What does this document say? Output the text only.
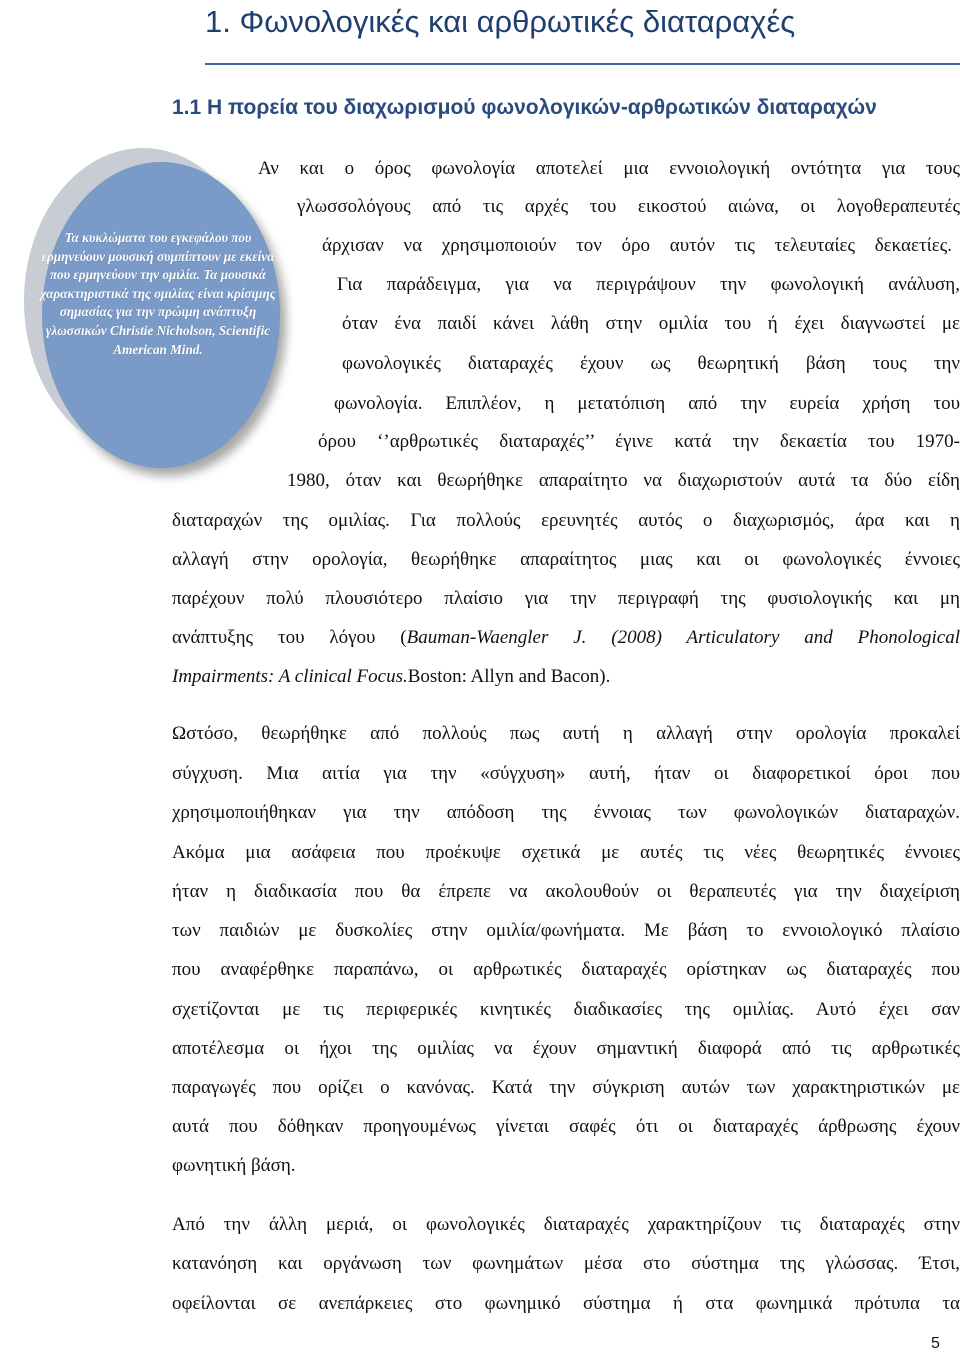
1. Φωνολογικές και αρθρωτικές διαταραχές
1.1 Η πορεία του διαχωρισμού φωνολογικών-αρθρωτικών διαταραχών

Τα κυκλώματα του εγκεφάλου που ερμηνεύουν μουσική συμπίπτουν με εκείνα που ερμηνεύουν την ομιλία. Τα μουσικά χαρακτηριστικά της ομιλίας είναι κρίσιμης σημασίας για την πρώιμη ανάπτυξη γλωσσικών Christie Nicholson, Scientific American Mind.

Αν και ο όρος φωνολογία αποτελεί μια εννοιολογική οντότητα για τους

γλωσσολόγους από τις αρχές του εικοστού αιώνα, οι λογοθεραπευτές

άρχισαν να χρησιμοποιούν τον όρο αυτόν τις τελευταίες δεκαετίες.

Για παράδειγμα, για να περιγράψουν την φωνολογική ανάλυση,

όταν ένα παιδί κάνει λάθη στην ομιλία του ή έχει διαγνωστεί με

φωνολογικές διαταραχές έχουν ως θεωρητική βάση τους την

φωνολογία. Επιπλέον, η μετατόπιση από την ευρεία χρήση του

όρου ‘’αρθρωτικές διαταραχές’’ έγινε κατά την δεκαετία του 1970-

1980, όταν και θεωρήθηκε απαραίτητο να διαχωριστούν αυτά τα δύο είδη

διαταραχών της ομιλίας. Για πολλούς ερευνητές αυτός ο διαχωρισμός, άρα και η

αλλαγή στην ορολογία, θεωρήθηκε απαραίτητος μιας και οι φωνολογικές έννοιες

παρέχουν πολύ πλουσιότερο πλαίσιο για την περιγραφή της φυσιολογικής και μη

ανάπτυξης του λόγου (Bauman-Waengler J. (2008) Articulatory and Phonological

Impairments: A clinical Focus.Boston: Allyn and Bacon).

Ωστόσο, θεωρήθηκε από πολλούς πως αυτή η αλλαγή στην ορολογία προκαλεί

σύγχυση. Μια αιτία για την «σύγχυση» αυτή, ήταν οι διαφορετικοί όροι που

χρησιμοποιήθηκαν για την απόδοση της έννοιας των φωνολογικών διαταραχών.

Ακόμα μια ασάφεια που προέκυψε σχετικά με αυτές τις νέες θεωρητικές έννοιες

ήταν η διαδικασία που θα έπρεπε να ακολουθούν οι θεραπευτές για την διαχείριση

των παιδιών με δυσκολίες στην ομιλία/φωνήματα. Με βάση το εννοιολογικό πλαίσιο

που αναφέρθηκε παραπάνω, οι αρθρωτικές διαταραχές ορίστηκαν ως διαταραχές που

σχετίζονται με τις περιφερικές κινητικές διαδικασίες της ομιλίας. Αυτό έχει σαν

αποτέλεσμα οι ήχοι της ομιλίας να έχουν σημαντική διαφορά από τις αρθρωτικές

παραγωγές που ορίζει ο κανόνας. Κατά την σύγκριση αυτών των χαρακτηριστικών με

αυτά που δόθηκαν προηγουμένως γίνεται σαφές ότι οι διαταραχές άρθρωσης έχουν

φωνητική βάση.

Από την άλλη μεριά, οι φωνολογικές διαταραχές χαρακτηρίζουν τις διαταραχές στην

κατανόηση και οργάνωση των φωνημάτων μέσα στο σύστημα της γλώσσας. Έτσι,

οφείλονται σε ανεπάρκειες στο φωνημικό σύστημα ή στα φωνημικά πρότυπα τα

5
